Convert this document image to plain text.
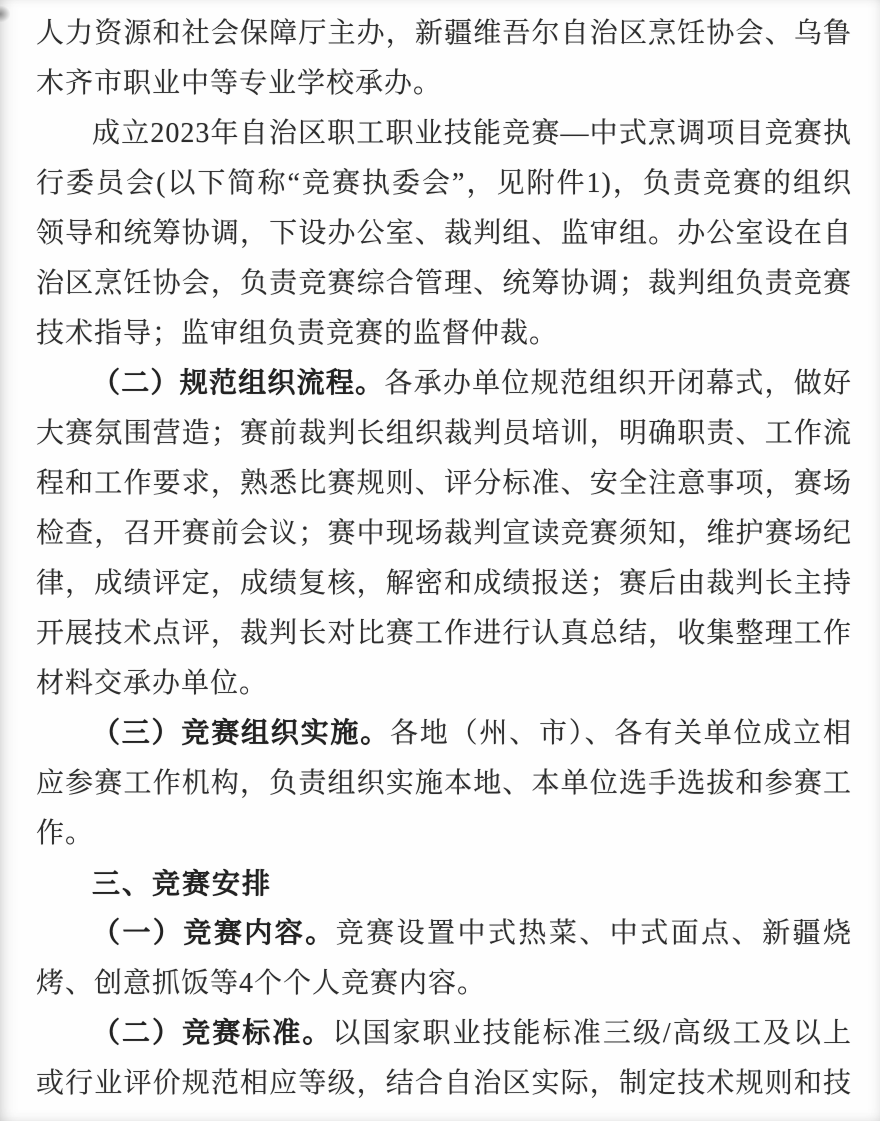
人力资源和社会保障厅主办，新疆维吾尔自治区烹饪协会、乌鲁
木齐市职业中等专业学校承办。
成立2023年自治区职工职业技能竞赛—中式烹调项目竞赛执
行委员会(以下简称“竞赛执委会”，见附件1)，负责竞赛的组织
领导和统筹协调，下设办公室、裁判组、监审组。办公室设在自
治区烹饪协会，负责竞赛综合管理、统筹协调；裁判组负责竞赛
技术指导；监审组负责竞赛的监督仲裁。
（二）规范组织流程。各承办单位规范组织开闭幕式，做好
大赛氛围营造；赛前裁判长组织裁判员培训，明确职责、工作流
程和工作要求，熟悉比赛规则、评分标准、安全注意事项，赛场
检查，召开赛前会议；赛中现场裁判宣读竞赛须知，维护赛场纪
律，成绩评定，成绩复核，解密和成绩报送；赛后由裁判长主持
开展技术点评，裁判长对比赛工作进行认真总结，收集整理工作
材料交承办单位。
（三）竞赛组织实施。各地（州、市）、各有关单位成立相
应参赛工作机构，负责组织实施本地、本单位选手选拔和参赛工
作。
三、竞赛安排
（一）竞赛内容。竞赛设置中式热菜、中式面点、新疆烧
烤、创意抓饭等4个个人竞赛内容。
（二）竞赛标准。以国家职业技能标准三级/高级工及以上
或行业评价规范相应等级，结合自治区实际，制定技术规则和技
